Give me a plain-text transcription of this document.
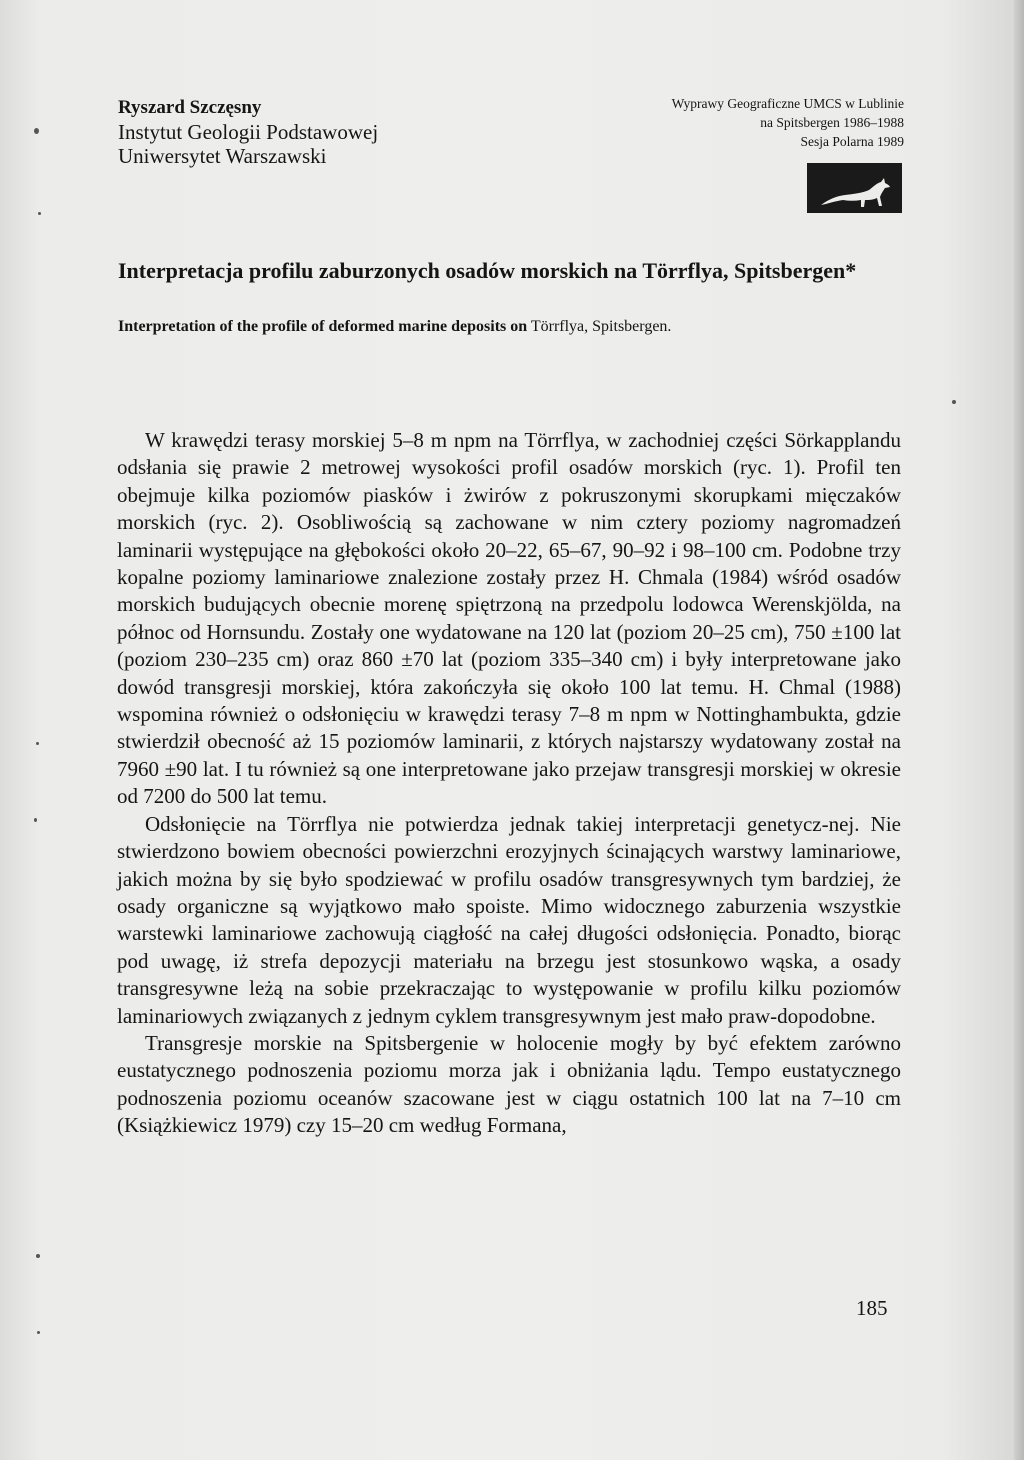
Ryszard Szczęsny
Instytut Geologii Podstawowej
Uniwersytet Warszawski
Wyprawy Geograficzne UMCS w Lublinie
na Spitsbergen 1986–1988
Sesja Polarna 1989
Interpretacja profilu zaburzonych osadów morskich na Törrflya, Spitsbergen*
Interpretation of the profile of deformed marine deposits on Törrflya, Spitsbergen.

W krawędzi terasy morskiej 5–8 m npm na Törrflya, w zachodniej części Sörkapplandu odsłania się prawie 2 metrowej wysokości profil osadów morskich (ryc. 1). Profil ten obejmuje kilka poziomów piasków i żwirów z pokruszonymi skorupkami mięczaków morskich (ryc. 2). Osobliwością są zachowane w nim cztery poziomy nagromadzeń laminarii występujące na głębokości około 20–22, 65–67, 90–92 i 98–100 cm. Podobne trzy kopalne poziomy laminariowe znalezione zostały przez H. Chmala (1984) wśród osadów morskich budujących obecnie morenę spiętrzoną na przedpolu lodowca Werenskjölda, na północ od Hornsundu. Zostały one wydatowane na 120 lat (poziom 20–25 cm), 750 ±100 lat (poziom 230–235 cm) oraz 860 ±70 lat (poziom 335–340 cm) i były interpretowane jako dowód transgresji morskiej, która zakończyła się około 100 lat temu. H. Chmal (1988) wspomina również o odsłonięciu w krawędzi terasy 7–8 m npm w Nottinghambukta, gdzie stwierdził obecność aż 15 poziomów laminarii, z których najstarszy wydatowany został na 7960 ±90 lat. I tu również są one interpretowane jako przejaw transgresji morskiej w okresie od 7200 do 500 lat temu.

Odsłonięcie na Törrflya nie potwierdza jednak takiej interpretacji genetycz-nej. Nie stwierdzono bowiem obecności powierzchni erozyjnych ścinających warstwy laminariowe, jakich można by się było spodziewać w profilu osadów transgresywnych tym bardziej, że osady organiczne są wyjątkowo mało spoiste. Mimo widocznego zaburzenia wszystkie warstewki laminariowe zachowują ciągłość na całej długości odsłonięcia. Ponadto, biorąc pod uwagę, iż strefa depozycji materiału na brzegu jest stosunkowo wąska, a osady transgresywne leżą na sobie przekraczając to występowanie w profilu kilku poziomów laminariowych związanych z jednym cyklem transgresywnym jest mało praw-dopodobne.

Transgresje morskie na Spitsbergenie w holocenie mogły by być efektem zarówno eustatycznego podnoszenia poziomu morza jak i obniżania lądu. Tempo eustatycznego podnoszenia poziomu oceanów szacowane jest w ciągu ostatnich 100 lat na 7–10 cm (Książkiewicz 1979) czy 15–20 cm według Formana,

185
